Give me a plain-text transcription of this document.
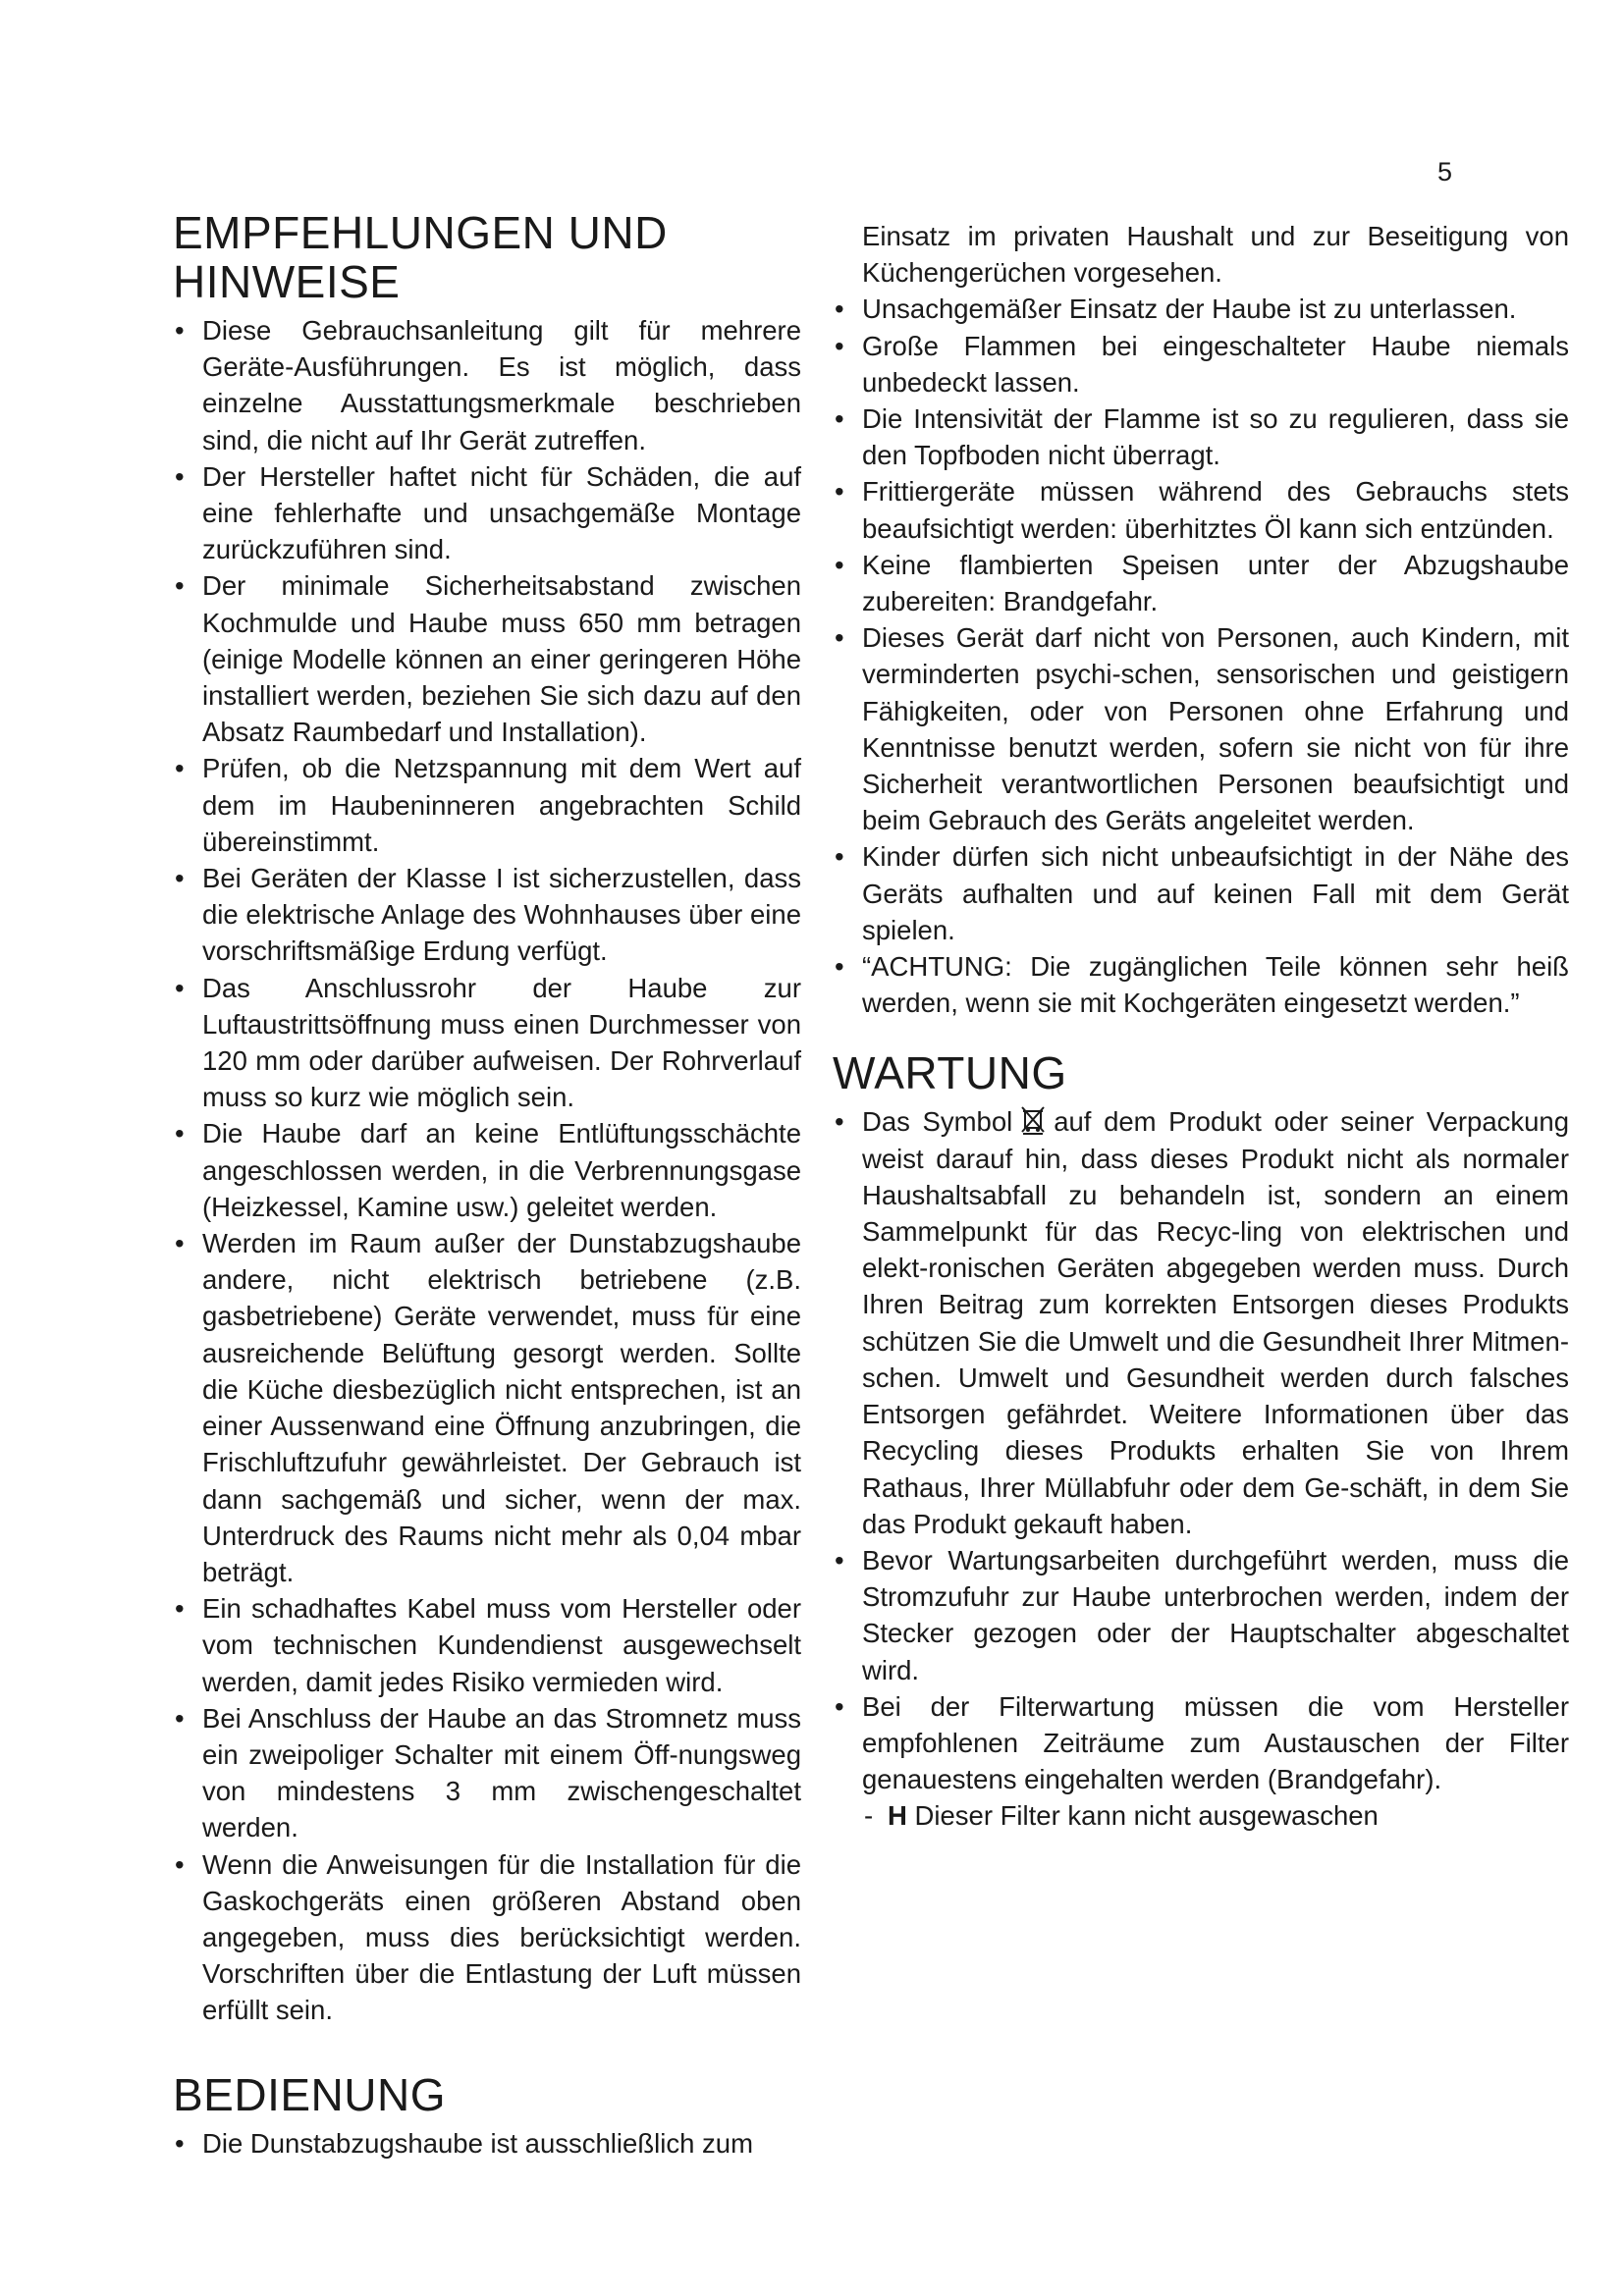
5
EMPFEHLUNGEN UND HINWEISE
• Diese Gebrauchsanleitung gilt für mehrere Geräte-Ausführungen. Es ist möglich, dass einzelne Ausstattungsmerkmale beschrieben sind, die nicht auf Ihr Gerät zutreffen.
• Der Hersteller haftet nicht für Schäden, die auf eine fehlerhafte und unsachgemäße Montage zurückzuführen sind.
• Der minimale Sicherheitsabstand zwischen Kochmulde und Haube muss 650 mm betragen (einige Modelle können an einer geringeren Höhe installiert werden, beziehen Sie sich dazu auf den Absatz Raumbedarf und Installation).
• Prüfen, ob die Netzspannung mit dem Wert auf dem im Haubeninneren angebrachten Schild übereinstimmt.
• Bei Geräten der Klasse I ist sicherzustellen, dass die elektrische Anlage des Wohnhauses über eine vorschriftsmäßige Erdung verfügt.
• Das Anschlussrohr der Haube zur Luftaustrittsöffnung muss einen Durchmesser von 120 mm oder darüber aufweisen. Der Rohrverlauf muss so kurz wie möglich sein.
• Die Haube darf an keine Entlüftungsschächte angeschlossen werden, in die Verbrennungsgase (Heizkessel, Kamine usw.) geleitet werden.
• Werden im Raum außer der Dunstabzugshaube andere, nicht elektrisch betriebene (z.B. gasbetriebene) Geräte verwendet, muss für eine ausreichende Belüftung gesorgt werden. Sollte die Küche diesbezüglich nicht entsprechen, ist an einer Aussenwand eine Öffnung anzubringen, die Frischluftzufuhr gewährleistet. Der Gebrauch ist dann sachgemäß und sicher, wenn der max. Unterdruck des Raums nicht mehr als 0,04 mbar beträgt.
• Ein schadhaftes Kabel muss vom Hersteller oder vom technischen Kundendienst ausgewechselt werden, damit jedes Risiko vermieden wird.
• Bei Anschluss der Haube an das Stromnetz muss ein zweipoliger Schalter mit einem Öff-nungsweg von mindestens 3 mm zwischengeschaltet werden.
• Wenn die Anweisungen für die Installation für die Gaskochgeräts einen größeren Abstand oben angegeben, muss dies berücksichtigt werden. Vorschriften über die Entlastung der Luft müssen erfüllt sein.
BEDIENUNG
• Die Dunstabzugshaube ist ausschließlich zum
Einsatz im privaten Haushalt und zur Beseitigung von Küchengerüchen vorgesehen.
• Unsachgemäßer Einsatz der Haube ist zu unterlassen.
• Große Flammen bei eingeschalteter Haube niemals unbedeckt lassen.
• Die Intensivität der Flamme ist so zu regulieren, dass sie den Topfboden nicht überragt.
• Frittiergeräte müssen während des Gebrauchs stets beaufsichtigt werden: überhitztes Öl kann sich entzünden.
• Keine flambierten Speisen unter der Abzugshaube zubereiten: Brandgefahr.
• Dieses Gerät darf nicht von Personen, auch Kindern, mit verminderten psychi-schen, sensorischen und geistigern Fähigkeiten, oder von Personen ohne Erfahrung und Kenntnisse benutzt werden, sofern sie nicht von für ihre Sicherheit verantwortlichen Personen beaufsichtigt und beim Gebrauch des Geräts angeleitet werden.
• Kinder dürfen sich nicht unbeaufsichtigt in der Nähe des Geräts aufhalten und auf keinen Fall mit dem Gerät spielen.
• “ACHTUNG: Die zugänglichen Teile können sehr heiß werden, wenn sie mit Kochgeräten eingesetzt werden.”
WARTUNG
• Das Symbol auf dem Produkt oder seiner Verpackung weist darauf hin, dass dieses Produkt nicht als normaler Haushaltsabfall zu behandeln ist, sondern an einem Sammelpunkt für das Recyc-ling von elektrischen und elekt-ronischen Geräten abgegeben werden muss. Durch Ihren Beitrag zum korrekten Entsorgen dieses Produkts schützen Sie die Umwelt und die Gesundheit Ihrer Mitmen-schen. Umwelt und Gesundheit werden durch falsches Entsorgen gefährdet. Weitere Informationen über das Recycling dieses Produkts erhalten Sie von Ihrem Rathaus, Ihrer Müllabfuhr oder dem Ge-schäft, in dem Sie das Produkt gekauft haben.
• Bevor Wartungsarbeiten durchgeführt werden, muss die Stromzufuhr zur Haube unterbrochen werden, indem der Stecker gezogen oder der Hauptschalter abgeschaltet wird.
• Bei der Filterwartung müssen die vom Hersteller empfohlenen Zeiträume zum Austauschen der Filter genauestens eingehalten werden (Brandgefahr).
- H Dieser Filter kann nicht ausgewaschen
